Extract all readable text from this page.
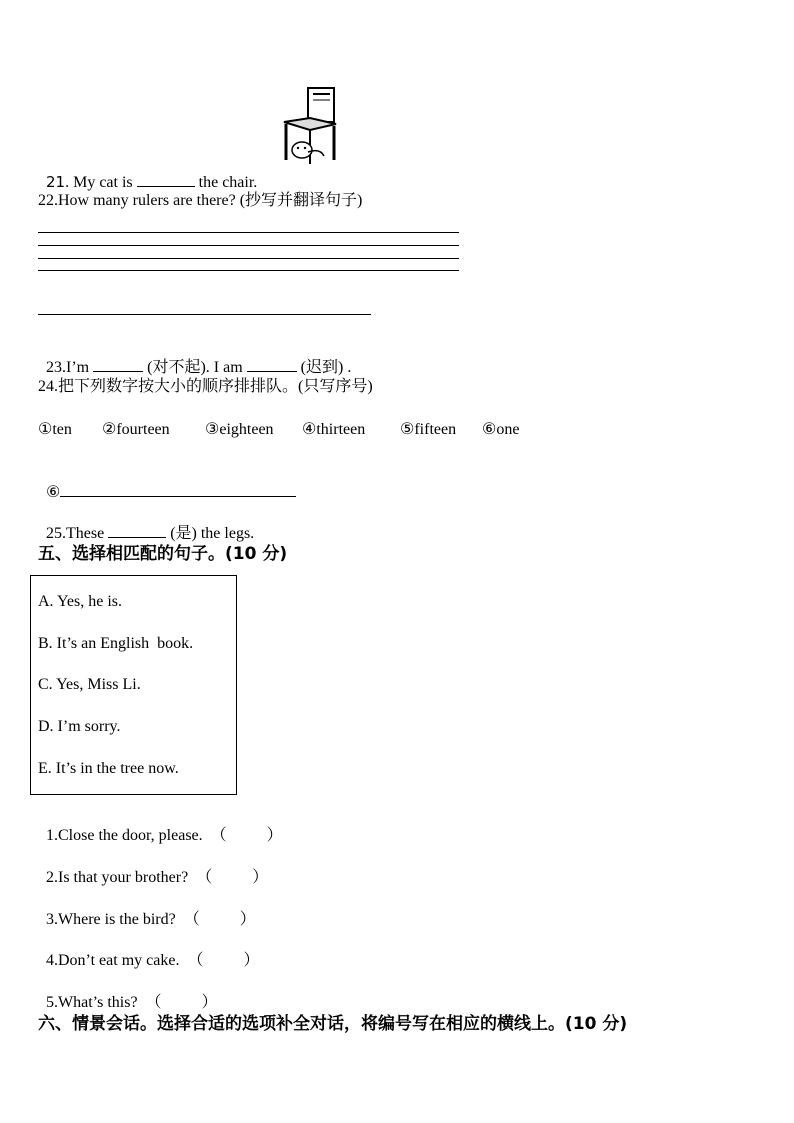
21. My cat is	the chair.

22.How many rulers are there? (抄写并翻译句子)

23.I’m	(对不起). I am	(迟到) .

24.把下列数字按大小的顺序排排队。(只写序号)
①ten ②fourteen ③eighteen ④thirteen ⑤fifteen ⑥one

⑥

25.These	(是) the legs.

五、选择相匹配的句子。(10 分)
A. Yes, he is.
B. It’s an English  book.
C. Yes, Miss Li.
D. I’m sorry.
E. It’s in the tree now.

1.Close the door, please. （          ）

2.Is that your brother? （          ）

3.Where is the bird? （          ）

4.Don’t eat my cake. （          ）

5.What’s this? （          ）

六、情景会话。选择合适的选项补全对话，将编号写在相应的横线上。(10 分)
